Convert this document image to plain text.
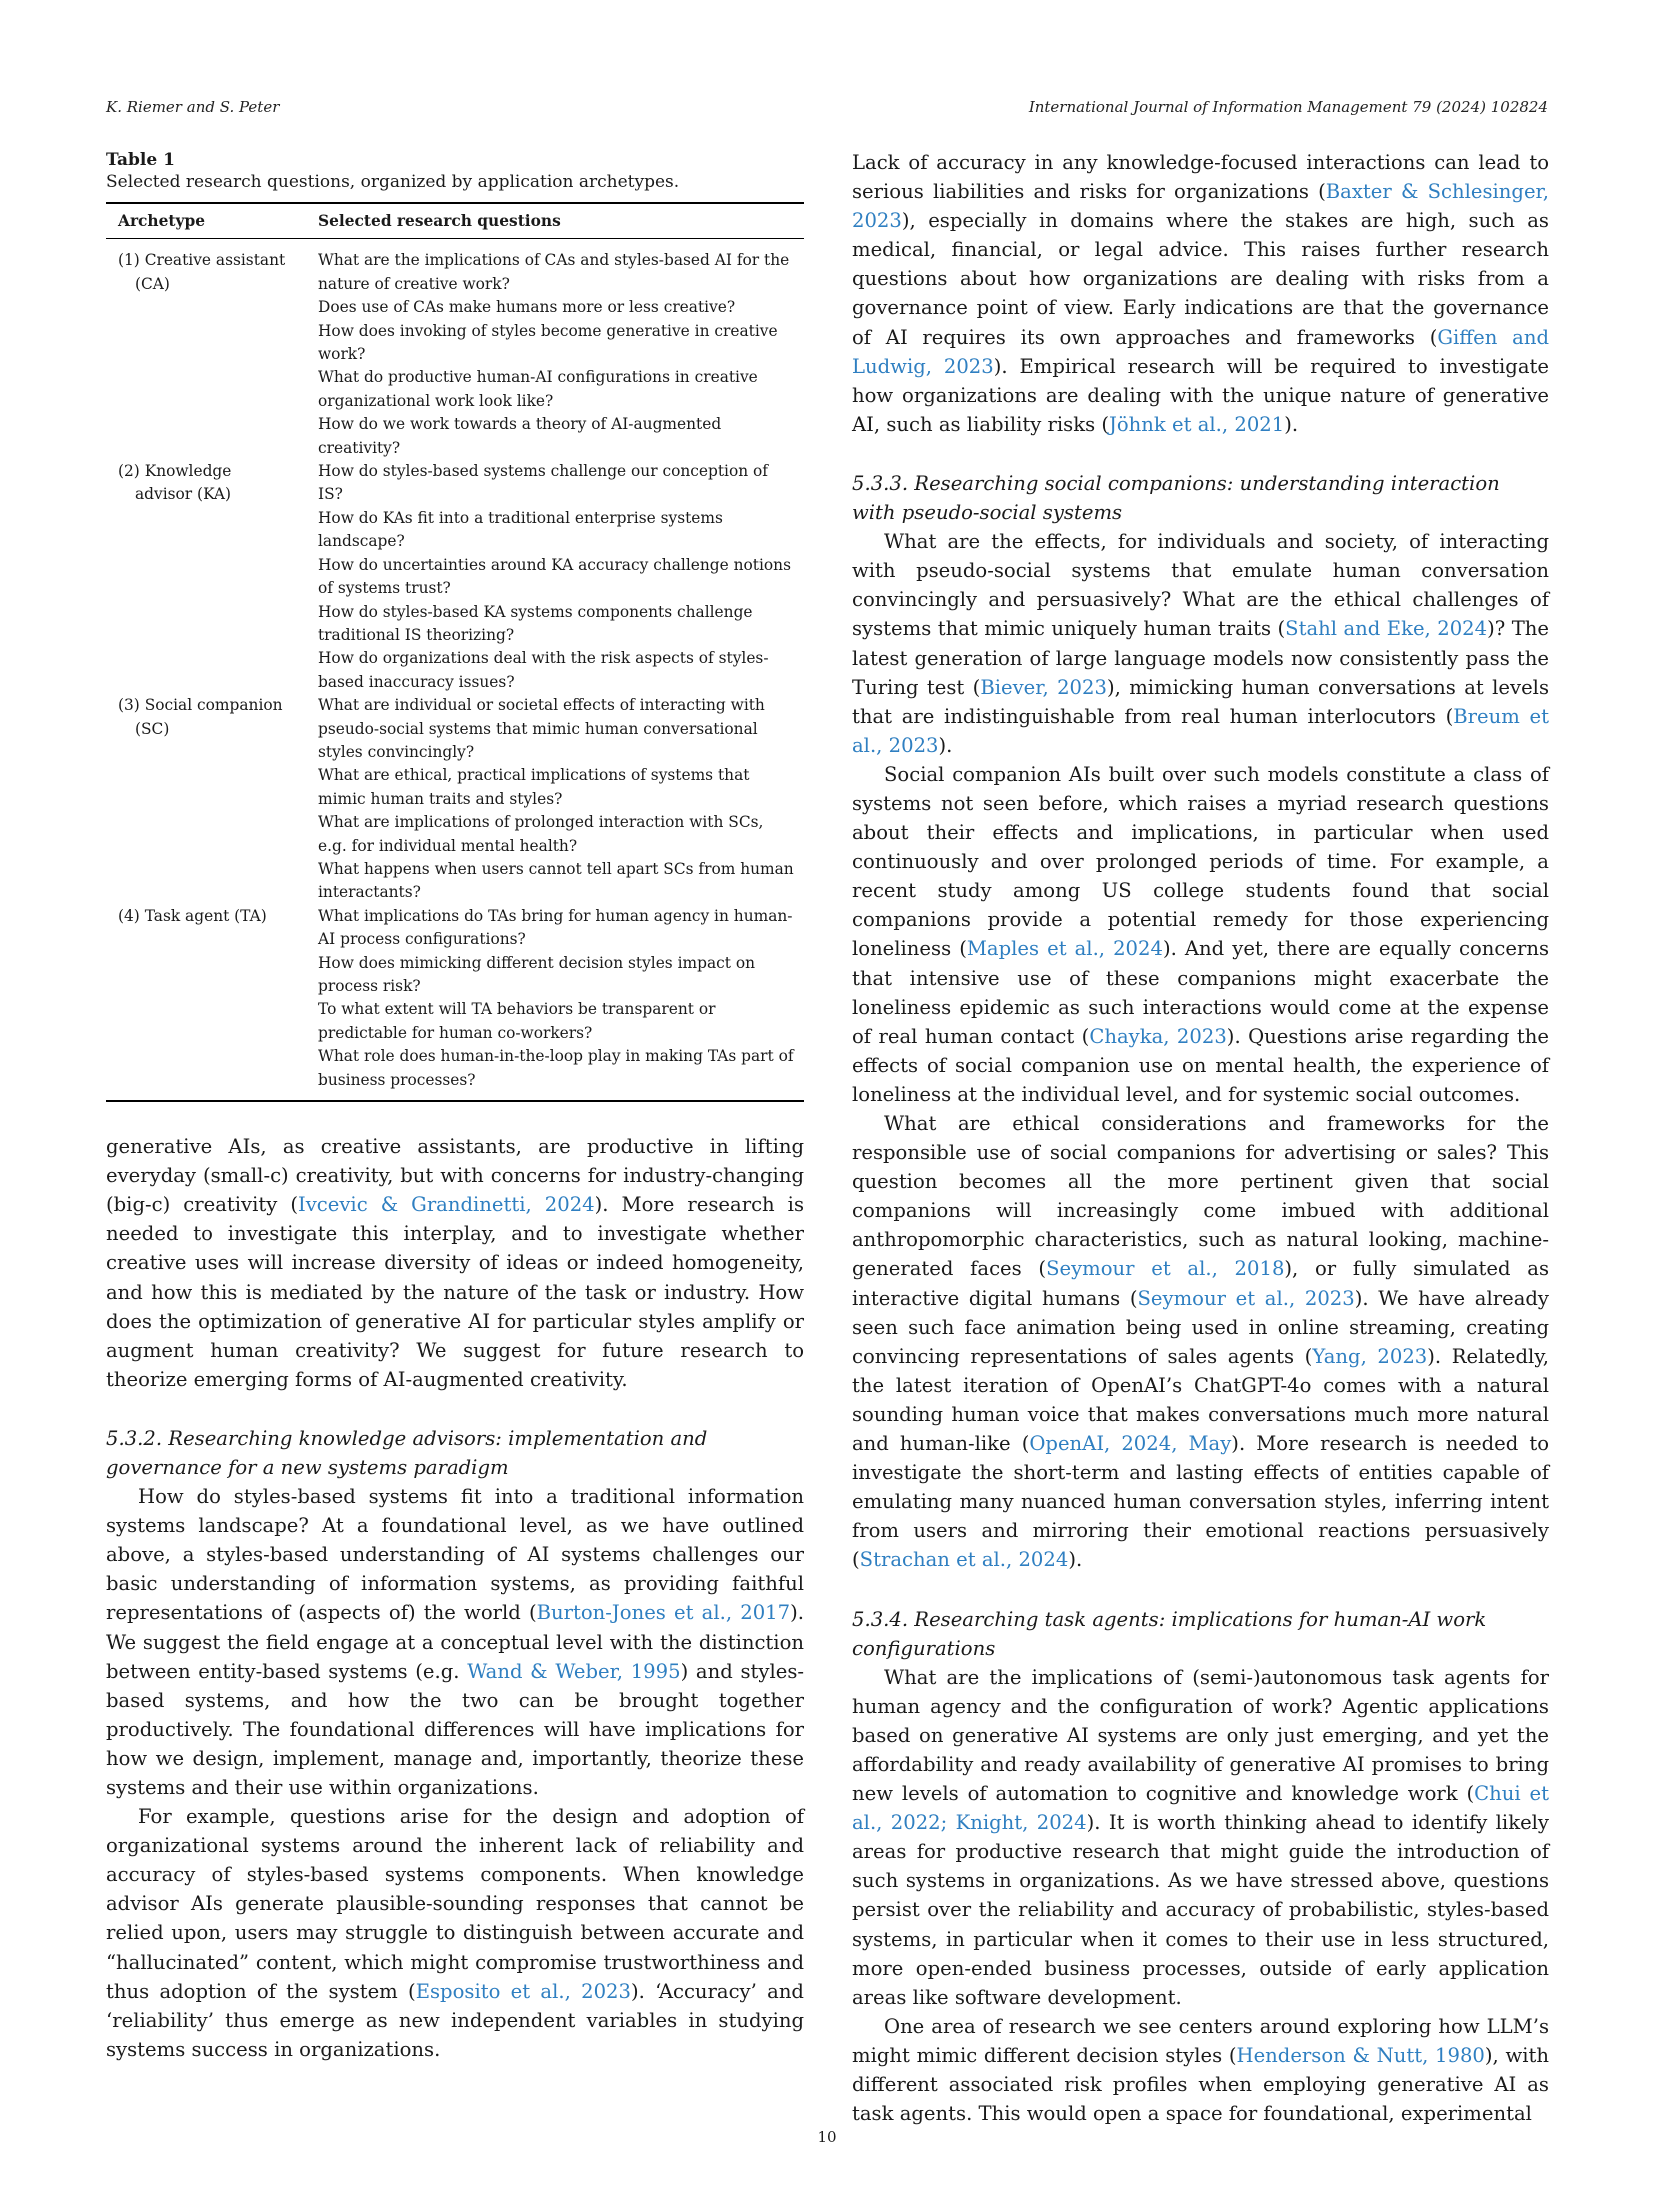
K. Riemer and S. Peter	International Journal of Information Management 79 (2024) 102824
Table 1
Selected research questions, organized by application archetypes.
Archetype	Selected research questions

(1) Creative assistant
(CA)	What are the implications of CAs and styles-based AI for the nature of creative work?
Does use of CAs make humans more or less creative?
How does invoking of styles become generative in creative work?
What do productive human-AI configurations in creative organizational work look like?
How do we work towards a theory of AI-augmented creativity?

(2) Knowledge
advisor (KA)	How do styles-based systems challenge our conception of IS?
How do KAs fit into a traditional enterprise systems landscape?
How do uncertainties around KA accuracy challenge notions of systems trust?
How do styles-based KA systems components challenge traditional IS theorizing?
How do organizations deal with the risk aspects of styles-based inaccuracy issues?

(3) Social companion
(SC)	What are individual or societal effects of interacting with pseudo-social systems that mimic human conversational styles convincingly?
What are ethical, practical implications of systems that mimic human traits and styles?
What are implications of prolonged interaction with SCs, e.g. for individual mental health?
What happens when users cannot tell apart SCs from human interactants?

(4) Task agent (TA)	What implications do TAs bring for human agency in human-AI process configurations?
How does mimicking different decision styles impact on process risk?
To what extent will TA behaviors be transparent or predictable for human co-workers?
What role does human-in-the-loop play in making TAs part of business processes?

generative AIs, as creative assistants, are productive in lifting everyday (small-c) creativity, but with concerns for industry-changing (big-c) creativity (Ivcevic & Grandinetti, 2024). More research is needed to investigate this interplay, and to investigate whether creative uses will increase diversity of ideas or indeed homogeneity, and how this is mediated by the nature of the task or industry. How does the optimization of generative AI for particular styles amplify or augment human creativity? We suggest for future research to theorize emerging forms of AI-augmented creativity.

5.3.2. Researching knowledge advisors: implementation and governance for a new systems paradigm

How do styles-based systems fit into a traditional information systems landscape? At a foundational level, as we have outlined above, a styles-based understanding of AI systems challenges our basic understanding of information systems, as providing faithful representations of (aspects of) the world (Burton-Jones et al., 2017). We suggest the field engage at a conceptual level with the distinction between entity-based systems (e.g. Wand & Weber, 1995) and styles-based systems, and how the two can be brought together productively. The foundational differences will have implications for how we design, implement, manage and, importantly, theorize these systems and their use within organizations.

For example, questions arise for the design and adoption of organizational systems around the inherent lack of reliability and accuracy of styles-based systems components. When knowledge advisor AIs generate plausible-sounding responses that cannot be relied upon, users may struggle to distinguish between accurate and “hallucinated” content, which might compromise trustworthiness and thus adoption of the system (Esposito et al., 2023). ‘Accuracy’ and ‘reliability’ thus emerge as new independent variables in studying systems success in organizations.

Lack of accuracy in any knowledge-focused interactions can lead to serious liabilities and risks for organizations (Baxter & Schlesinger, 2023), especially in domains where the stakes are high, such as medical, financial, or legal advice. This raises further research questions about how organizations are dealing with risks from a governance point of view. Early indications are that the governance of AI requires its own approaches and frameworks (Giffen and Ludwig, 2023). Empirical research will be required to investigate how organizations are dealing with the unique nature of generative AI, such as liability risks (Jöhnk et al., 2021).

5.3.3. Researching social companions: understanding interaction with pseudo-social systems

What are the effects, for individuals and society, of interacting with pseudo-social systems that emulate human conversation convincingly and persuasively? What are the ethical challenges of systems that mimic uniquely human traits (Stahl and Eke, 2024)? The latest generation of large language models now consistently pass the Turing test (Biever, 2023), mimicking human conversations at levels that are indistinguishable from real human interlocutors (Breum et al., 2023).

Social companion AIs built over such models constitute a class of systems not seen before, which raises a myriad research questions about their effects and implications, in particular when used continuously and over prolonged periods of time. For example, a recent study among US college students found that social companions provide a potential remedy for those experiencing loneliness (Maples et al., 2024). And yet, there are equally concerns that intensive use of these companions might exacerbate the loneliness epidemic as such interactions would come at the expense of real human contact (Chayka, 2023). Questions arise regarding the effects of social companion use on mental health, the experience of loneliness at the individual level, and for systemic social outcomes.

What are ethical considerations and frameworks for the responsible use of social companions for advertising or sales? This question becomes all the more pertinent given that social companions will increasingly come imbued with additional anthropomorphic characteristics, such as natural looking, machine-generated faces (Seymour et al., 2018), or fully simulated as interactive digital humans (Seymour et al., 2023). We have already seen such face animation being used in online streaming, creating convincing representations of sales agents (Yang, 2023). Relatedly, the latest iteration of OpenAI’s ChatGPT-4o comes with a natural sounding human voice that makes conversations much more natural and human-like (OpenAI, 2024, May). More research is needed to investigate the short-term and lasting effects of entities capable of emulating many nuanced human conversation styles, inferring intent from users and mirroring their emotional reactions persuasively (Strachan et al., 2024).

5.3.4. Researching task agents: implications for human-AI work configurations

What are the implications of (semi-)autonomous task agents for human agency and the configuration of work? Agentic applications based on generative AI systems are only just emerging, and yet the affordability and ready availability of generative AI promises to bring new levels of automation to cognitive and knowledge work (Chui et al., 2022; Knight, 2024). It is worth thinking ahead to identify likely areas for productive research that might guide the introduction of such systems in organizations. As we have stressed above, questions persist over the reliability and accuracy of probabilistic, styles-based systems, in particular when it comes to their use in less structured, more open-ended business processes, outside of early application areas like software development.

One area of research we see centers around exploring how LLM’s might mimic different decision styles (Henderson & Nutt, 1980), with different associated risk profiles when employing generative AI as task agents. This would open a space for foundational, experimental

10
